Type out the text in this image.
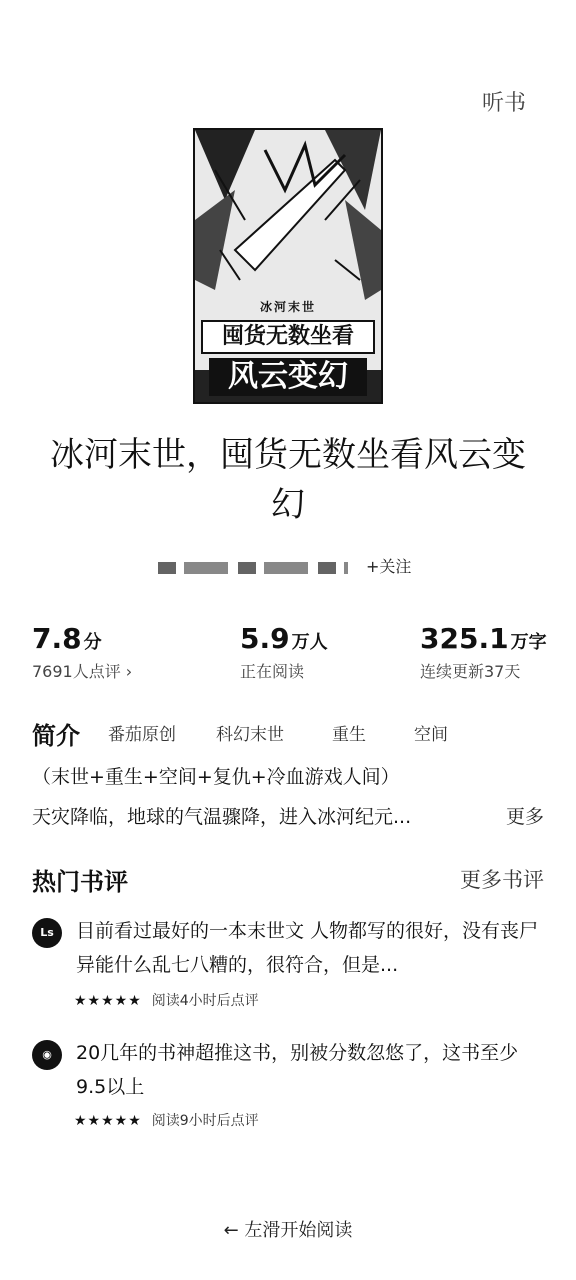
听书
冰河末世
囤货无数坐看
风云变幻
冰河末世，囤货无数坐看风云变幻
+关注
7.8 分
7691人点评 ›
5.9 万人
正在阅读
325.1 万字
连续更新37天
简介 番茄原创 科幻末世	重生	空间
（末世+重生+空间+复仇+冷血游戏人间）
天灾降临，地球的气温骤降，进入冰河纪元...	更多
热门书评	更多书评
Ls	目前看过最好的一本末世文 人物都写的很好，没有丧尸异能什么乱七八糟的，很符合，但是...
★★★★★ 阅读4小时后点评
◉	20几年的书神超推这书，别被分数忽悠了，这书至少9.5以上
★★★★★ 阅读9小时后点评
← 左滑开始阅读
